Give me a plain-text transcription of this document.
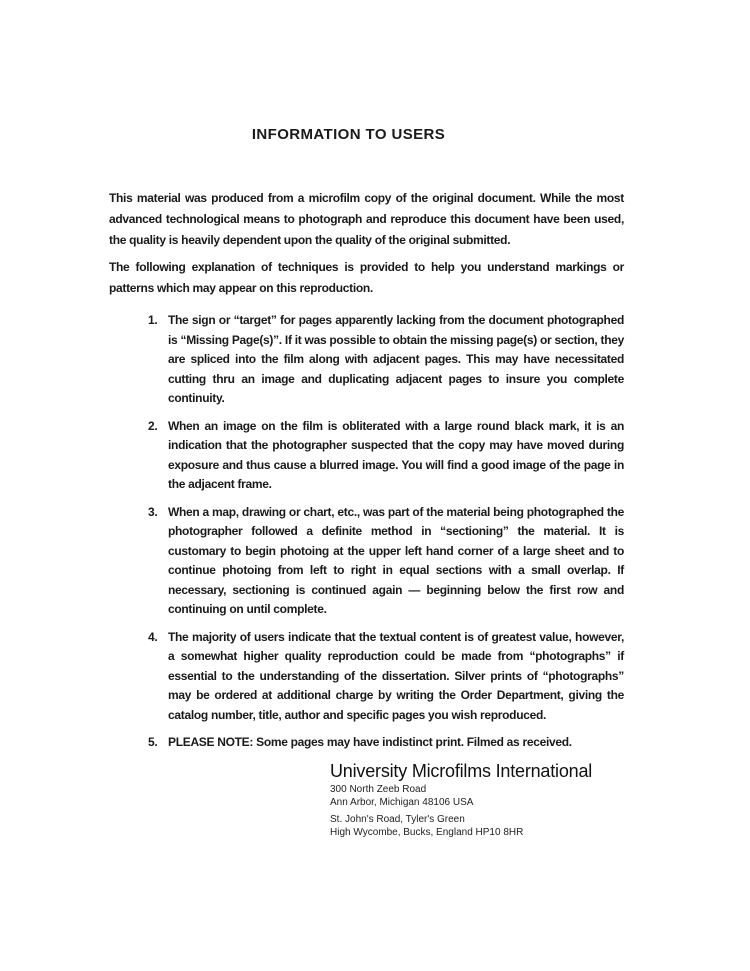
INFORMATION TO USERS

This material was produced from a microfilm copy of the original document. While the most advanced technological means to photograph and reproduce this document have been used, the quality is heavily dependent upon the quality of the original submitted.

The following explanation of techniques is provided to help you understand markings or patterns which may appear on this reproduction.

1. The sign or “target” for pages apparently lacking from the document photographed is “Missing Page(s)”. If it was possible to obtain the missing page(s) or section, they are spliced into the film along with adjacent pages. This may have necessitated cutting thru an image and duplicating adjacent pages to insure you complete continuity.
2. When an image on the film is obliterated with a large round black mark, it is an indication that the photographer suspected that the copy may have moved during exposure and thus cause a blurred image. You will find a good image of the page in the adjacent frame.
3. When a map, drawing or chart, etc., was part of the material being photographed the photographer followed a definite method in “sectioning” the material. It is customary to begin photoing at the upper left hand corner of a large sheet and to continue photoing from left to right in equal sections with a small overlap. If necessary, sectioning is continued again — beginning below the first row and continuing on until complete.
4. The majority of users indicate that the textual content is of greatest value, however, a somewhat higher quality reproduction could be made from “photographs” if essential to the understanding of the dissertation. Silver prints of “photographs” may be ordered at additional charge by writing the Order Department, giving the catalog number, title, author and specific pages you wish reproduced.
5. PLEASE NOTE: Some pages may have indistinct print. Filmed as received.
University Microfilms International
300 North Zeeb Road
Ann Arbor, Michigan 48106 USA
St. John's Road, Tyler's Green
High Wycombe, Bucks, England HP10 8HR
